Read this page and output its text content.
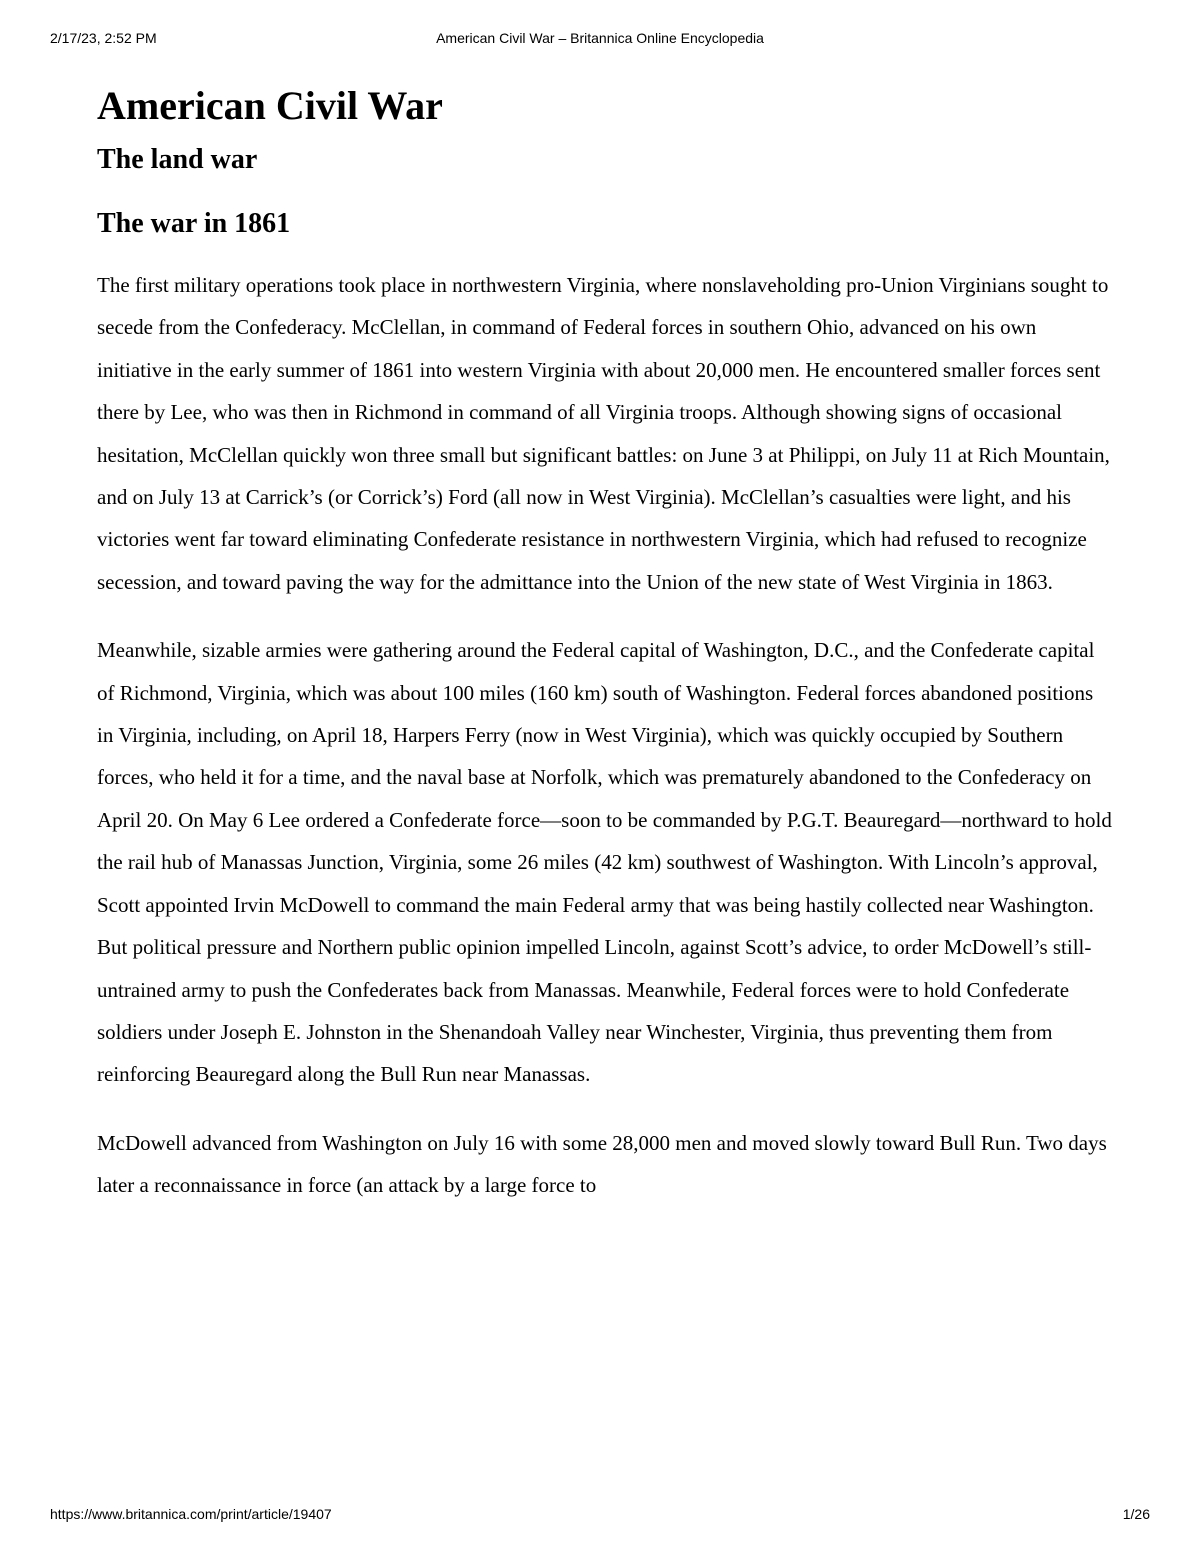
2/17/23, 2:52 PM	American Civil War – Britannica Online Encyclopedia
American Civil War
The land war
The war in 1861

The first military operations took place in northwestern Virginia, where nonslaveholding pro-Union Virginians sought to secede from the Confederacy. McClellan, in command of Federal forces in southern Ohio, advanced on his own initiative in the early summer of 1861 into western Virginia with about 20,000 men. He encountered smaller forces sent there by Lee, who was then in Richmond in command of all Virginia troops. Although showing signs of occasional hesitation, McClellan quickly won three small but significant battles: on June 3 at Philippi, on July 11 at Rich Mountain, and on July 13 at Carrick’s (or Corrick’s) Ford (all now in West Virginia). McClellan’s casualties were light, and his victories went far toward eliminating Confederate resistance in northwestern Virginia, which had refused to recognize secession, and toward paving the way for the admittance into the Union of the new state of West Virginia in 1863.

Meanwhile, sizable armies were gathering around the Federal capital of Washington, D.C., and the Confederate capital of Richmond, Virginia, which was about 100 miles (160 km) south of Washington. Federal forces abandoned positions in Virginia, including, on April 18, Harpers Ferry (now in West Virginia), which was quickly occupied by Southern forces, who held it for a time, and the naval base at Norfolk, which was prematurely abandoned to the Confederacy on April 20. On May 6 Lee ordered a Confederate force—soon to be commanded by P.G.T. Beauregard—northward to hold the rail hub of Manassas Junction, Virginia, some 26 miles (42 km) southwest of Washington. With Lincoln’s approval, Scott appointed Irvin McDowell to command the main Federal army that was being hastily collected near Washington. But political pressure and Northern public opinion impelled Lincoln, against Scott’s advice, to order McDowell’s still-untrained army to push the Confederates back from Manassas. Meanwhile, Federal forces were to hold Confederate soldiers under Joseph E. Johnston in the Shenandoah Valley near Winchester, Virginia, thus preventing them from reinforcing Beauregard along the Bull Run near Manassas.

McDowell advanced from Washington on July 16 with some 28,000 men and moved slowly toward Bull Run. Two days later a reconnaissance in force (an attack by a large force to

https://www.britannica.com/print/article/19407	1/26
